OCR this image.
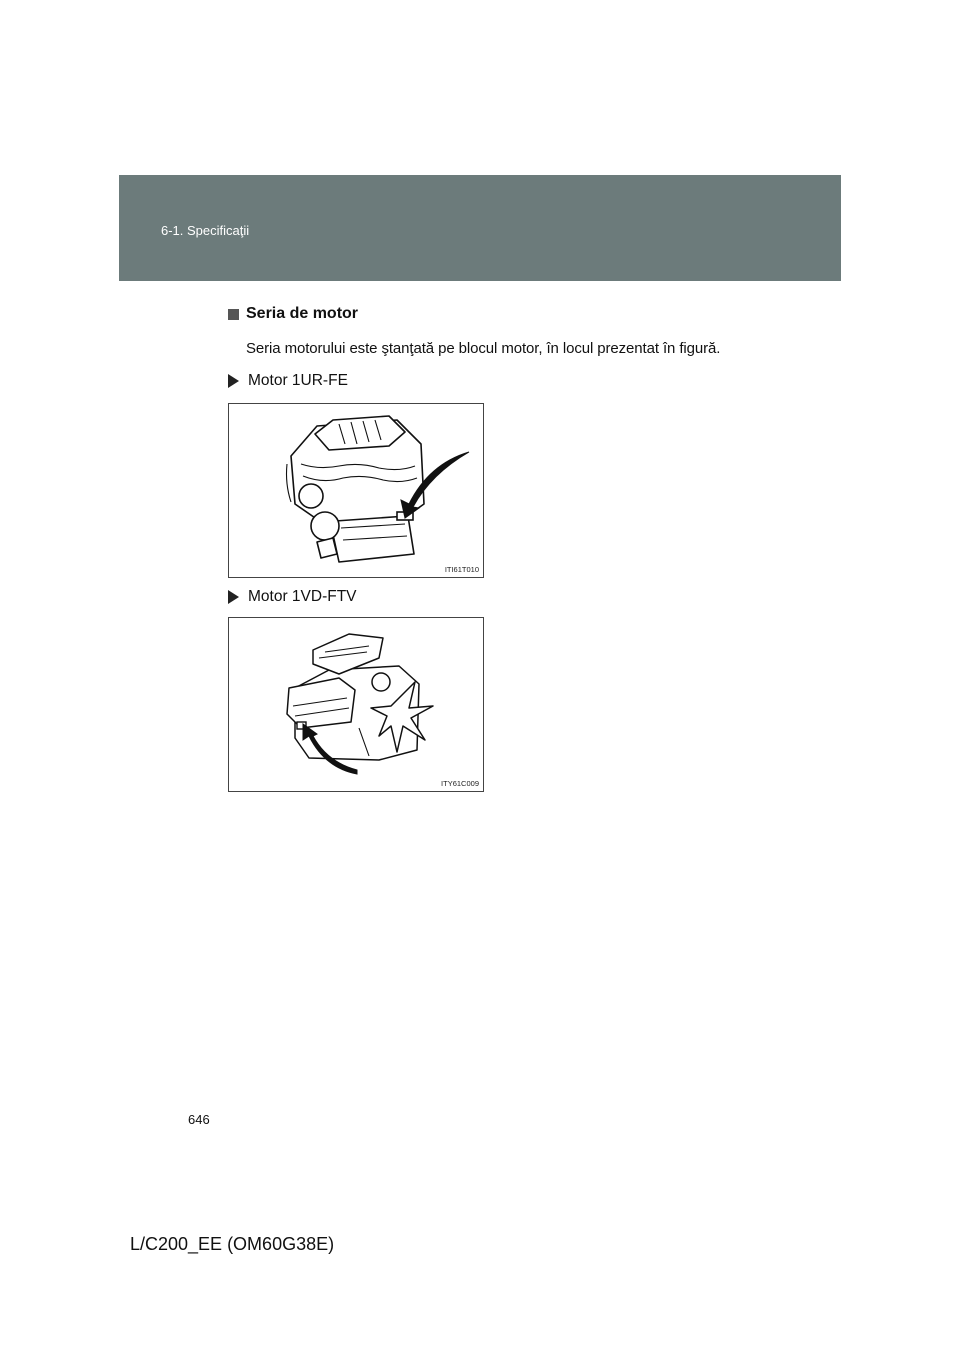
6-1. Specificaţii
Seria de motor
Seria motorului este ştanţată pe blocul motor, în locul prezentat în figură.
Motor 1UR-FE
ITI61T010
Motor 1VD-FTV
ITY61C009
646
L/C200_EE (OM60G38E)
